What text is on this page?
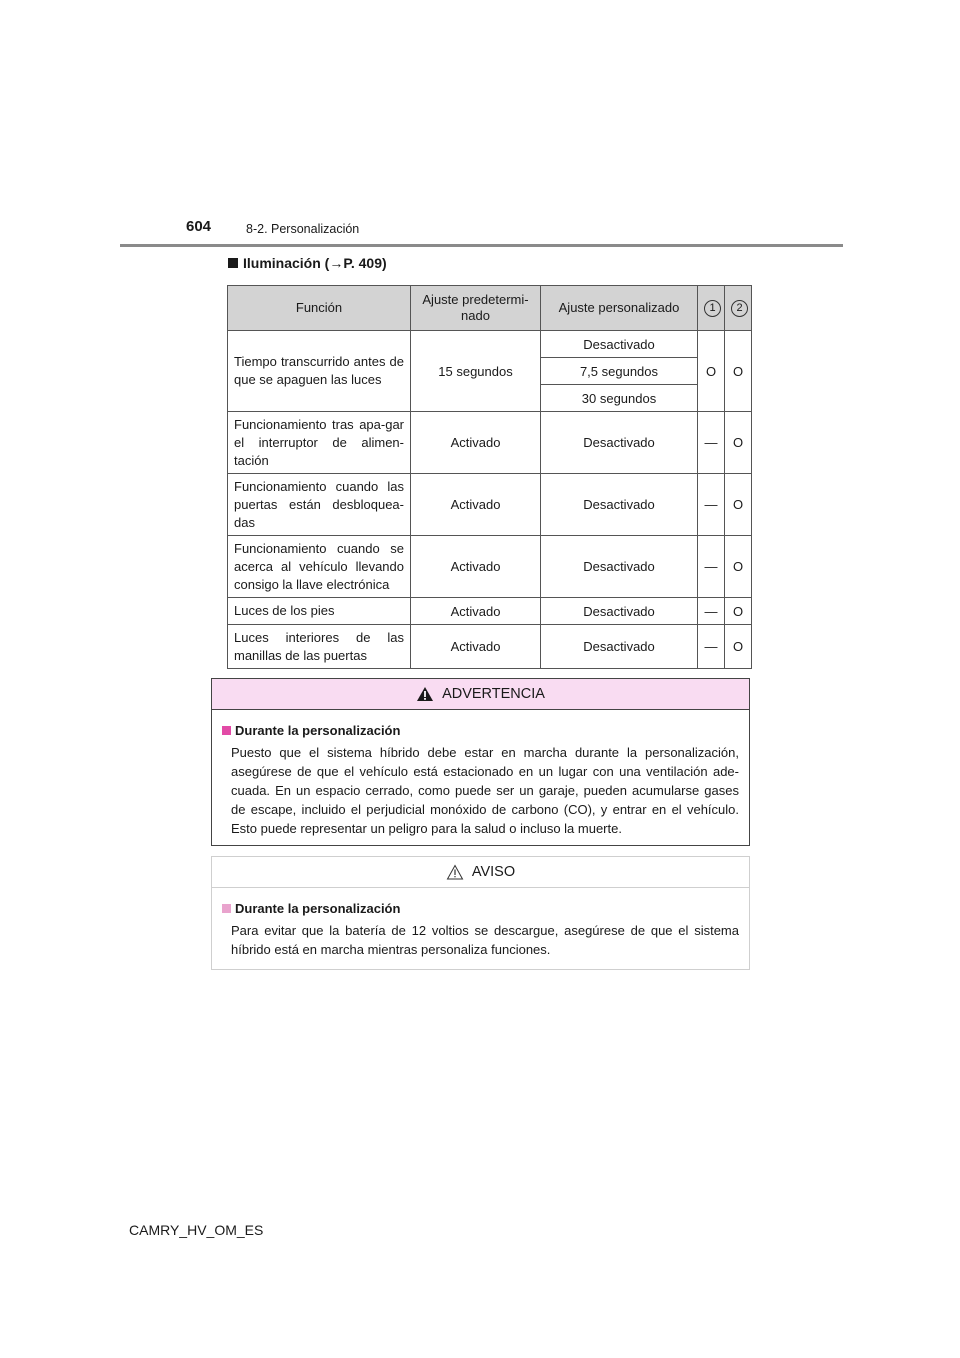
604	8-2. Personalización
Iluminación (→P. 409)
Función	Ajuste predetermi-nado	Ajuste personalizado	1	2
Tiempo transcurrido antes de que se apaguen las luces	15 segundos	Desactivado	O	O
		7,5 segundos		
		30 segundos		
Funcionamiento tras apa-gar el interruptor de alimen-tación	Activado	Desactivado	—	O
Funcionamiento cuando las puertas están desbloquea-das	Activado	Desactivado	—	O
Funcionamiento cuando se acerca al vehículo llevando consigo la llave electrónica	Activado	Desactivado	—	O
Luces de los pies	Activado	Desactivado	—	O
Luces interiores de las manillas de las puertas	Activado	Desactivado	—	O
ADVERTENCIA
Durante la personalización
Puesto que el sistema híbrido debe estar en marcha durante la personalización, asegúrese de que el vehículo está estacionado en un lugar con una ventilación ade-cuada. En un espacio cerrado, como puede ser un garaje, pueden acumularse gases de escape, incluido el perjudicial monóxido de carbono (CO), y entrar en el vehículo. Esto puede representar un peligro para la salud o incluso la muerte.
AVISO
Durante la personalización
Para evitar que la batería de 12 voltios se descargue, asegúrese de que el sistema híbrido está en marcha mientras personaliza funciones.
CAMRY_HV_OM_ES
